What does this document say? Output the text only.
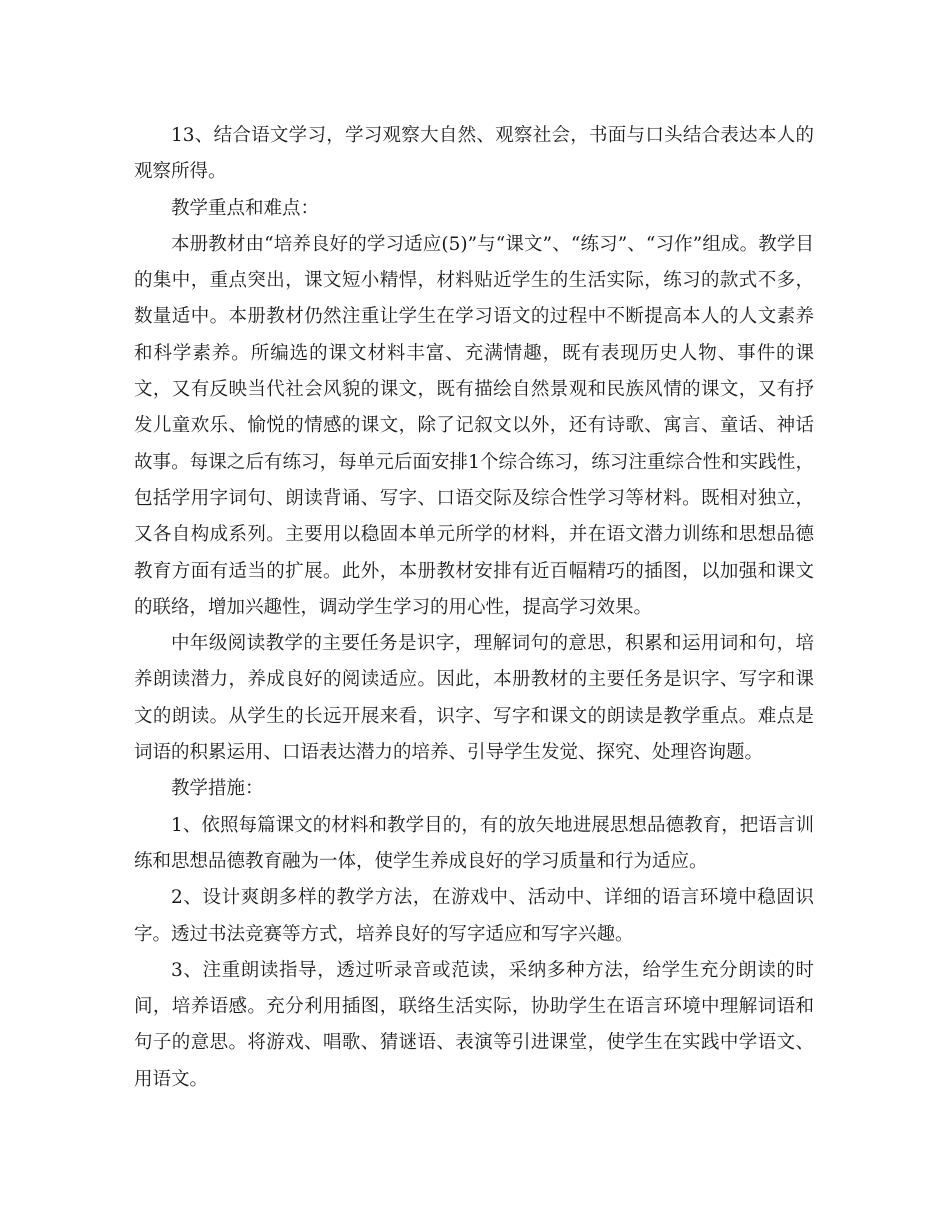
13、结合语文学习，学习观察大自然、观察社会，书面与口头结合表达本人的观察所得。

教学重点和难点：

本册教材由“培养良好的学习适应(5)”与“课文”、“练习”、“习作”组成。教学目的集中，重点突出，课文短小精悍，材料贴近学生的生活实际，练习的款式不多，数量适中。本册教材仍然注重让学生在学习语文的过程中不断提高本人的人文素养和科学素养。所编选的课文材料丰富、充满情趣，既有表现历史人物、事件的课文，又有反映当代社会风貌的课文，既有描绘自然景观和民族风情的课文，又有抒发儿童欢乐、愉悦的情感的课文，除了记叙文以外，还有诗歌、寓言、童话、神话故事。每课之后有练习，每单元后面安排1个综合练习，练习注重综合性和实践性，包括学用字词句、朗读背诵、写字、口语交际及综合性学习等材料。既相对独立，又各自构成系列。主要用以稳固本单元所学的材料，并在语文潜力训练和思想品德教育方面有适当的扩展。此外，本册教材安排有近百幅精巧的插图，以加强和课文的联络，增加兴趣性，调动学生学习的用心性，提高学习效果。

中年级阅读教学的主要任务是识字，理解词句的意思，积累和运用词和句，培养朗读潜力，养成良好的阅读适应。因此，本册教材的主要任务是识字、写字和课文的朗读。从学生的长远开展来看，识字、写字和课文的朗读是教学重点。难点是词语的积累运用、口语表达潜力的培养、引导学生发觉、探究、处理咨询题。

教学措施：

1、依照每篇课文的材料和教学目的，有的放矢地进展思想品德教育，把语言训练和思想品德教育融为一体，使学生养成良好的学习质量和行为适应。

2、设计爽朗多样的教学方法，在游戏中、活动中、详细的语言环境中稳固识字。透过书法竞赛等方式，培养良好的写字适应和写字兴趣。

3、注重朗读指导，透过听录音或范读，采纳多种方法，给学生充分朗读的时间，培养语感。充分利用插图，联络生活实际，协助学生在语言环境中理解词语和句子的意思。将游戏、唱歌、猜谜语、表演等引进课堂，使学生在实践中学语文、用语文。
